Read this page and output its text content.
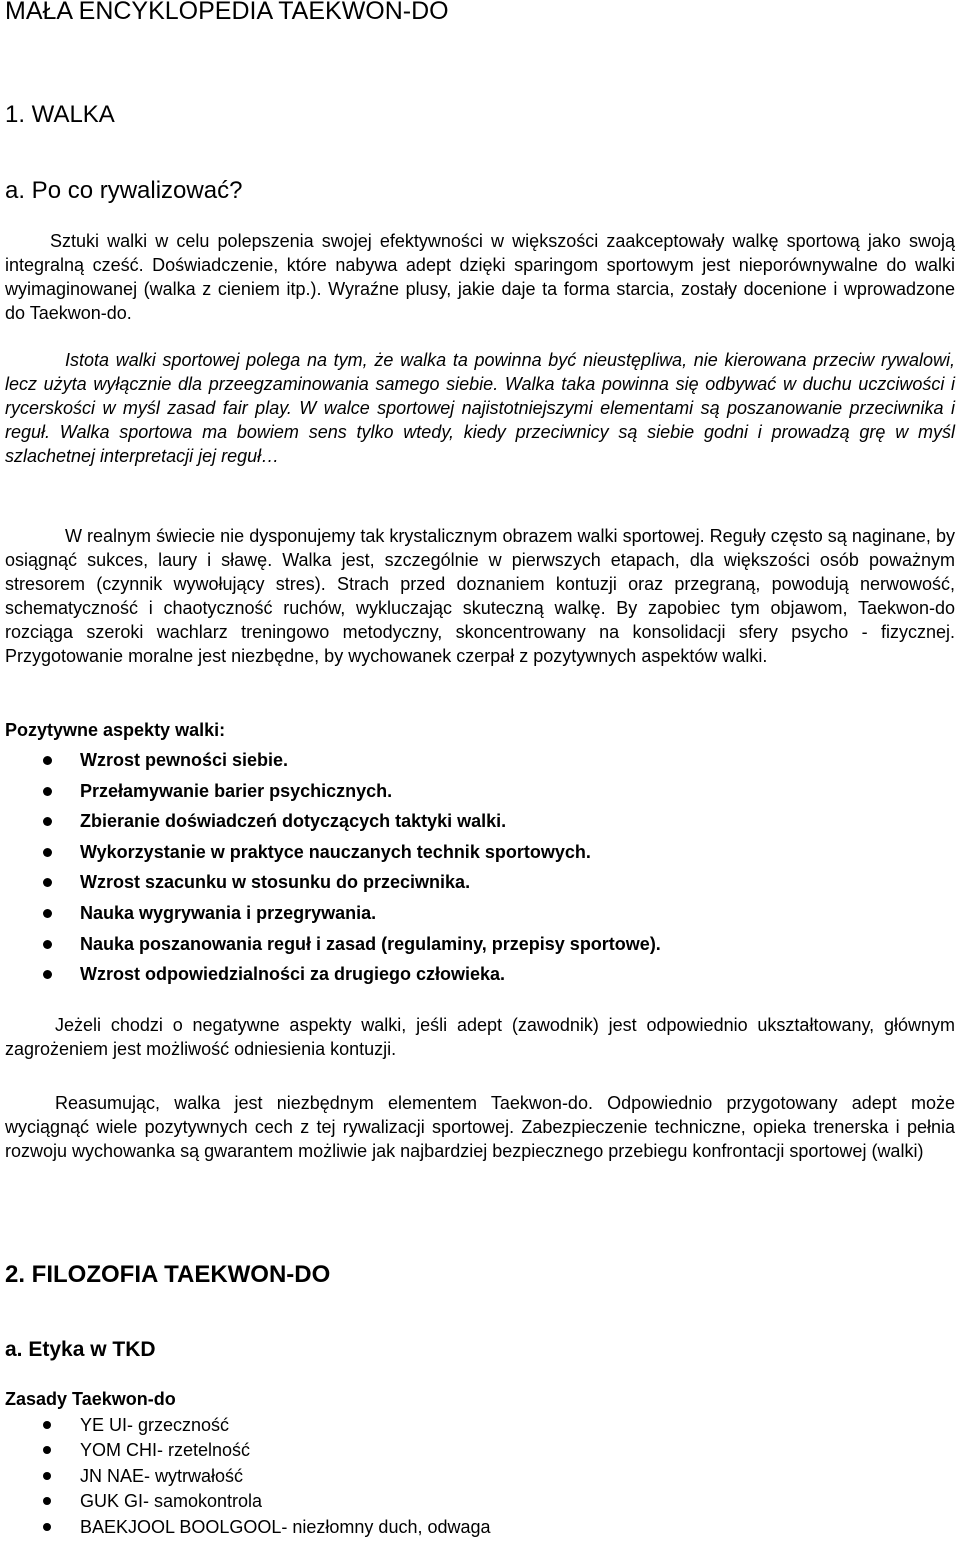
MAŁA ENCYKLOPEDIA TAEKWON-DO
1. WALKA
a. Po co rywalizować?

Sztuki walki w celu polepszenia swojej efektywności w większości zaakceptowały walkę sportową jako swoją integralną cześć. Doświadczenie, które nabywa adept dzięki sparingom sportowym jest nieporównywalne do walki wyimaginowanej (walka z cieniem itp.). Wyraźne plusy, jakie daje ta forma starcia, zostały docenione i wprowadzone do Taekwon-do.

Istota walki sportowej polega na tym, że walka ta powinna być nieustępliwa, nie kierowana przeciw rywalowi, lecz użyta wyłącznie dla przeegzaminowania samego siebie. Walka taka powinna się odbywać w duchu uczciwości i rycerskości w myśl zasad fair play. W walce sportowej najistotniejszymi elementami są poszanowanie przeciwnika i reguł. Walka sportowa ma bowiem sens tylko wtedy, kiedy przeciwnicy są siebie godni i prowadzą grę w myśl szlachetnej interpretacji jej reguł…

W realnym świecie nie dysponujemy tak krystalicznym obrazem walki sportowej. Reguły często są naginane, by osiągnąć sukces, laury i sławę. Walka jest, szczególnie w pierwszych etapach, dla większości osób poważnym stresorem (czynnik wywołujący stres). Strach przed doznaniem kontuzji oraz przegraną, powodują nerwowość, schematyczność i chaotyczność ruchów, wykluczając skuteczną walkę. By zapobiec tym objawom, Taekwon-do rozciąga szeroki wachlarz treningowo metodyczny, skoncentrowany na konsolidacji sfery psycho - fizycznej. Przygotowanie moralne jest niezbędne, by wychowanek czerpał z pozytywnych aspektów walki.

Pozytywne aspekty walki:

Wzrost pewności siebie.
Przełamywanie barier psychicznych.
Zbieranie doświadczeń dotyczących taktyki walki.
Wykorzystanie w praktyce nauczanych technik sportowych.
Wzrost szacunku w stosunku do przeciwnika.
Nauka wygrywania i przegrywania.
Nauka poszanowania reguł i zasad (regulaminy, przepisy sportowe).
Wzrost odpowiedzialności za drugiego człowieka.

Jeżeli chodzi o negatywne aspekty walki, jeśli adept (zawodnik) jest odpowiednio ukształtowany, głównym zagrożeniem jest możliwość odniesienia kontuzji.

Reasumując, walka jest niezbędnym elementem Taekwon-do. Odpowiednio przygotowany adept może wyciągnąć wiele pozytywnych cech z tej rywalizacji sportowej. Zabezpieczenie techniczne, opieka trenerska i pełnia rozwoju wychowanka są gwarantem możliwie jak najbardziej bezpiecznego przebiegu konfrontacji sportowej (walki)

2. FILOZOFIA TAEKWON-DO
a. Etyka w TKD

Zasady Taekwon-do

YE UI- grzeczność
YOM CHI- rzetelność
JN NAE- wytrwałość
GUK GI- samokontrola
BAEKJOOL BOOLGOOL- niezłomny duch, odwaga
